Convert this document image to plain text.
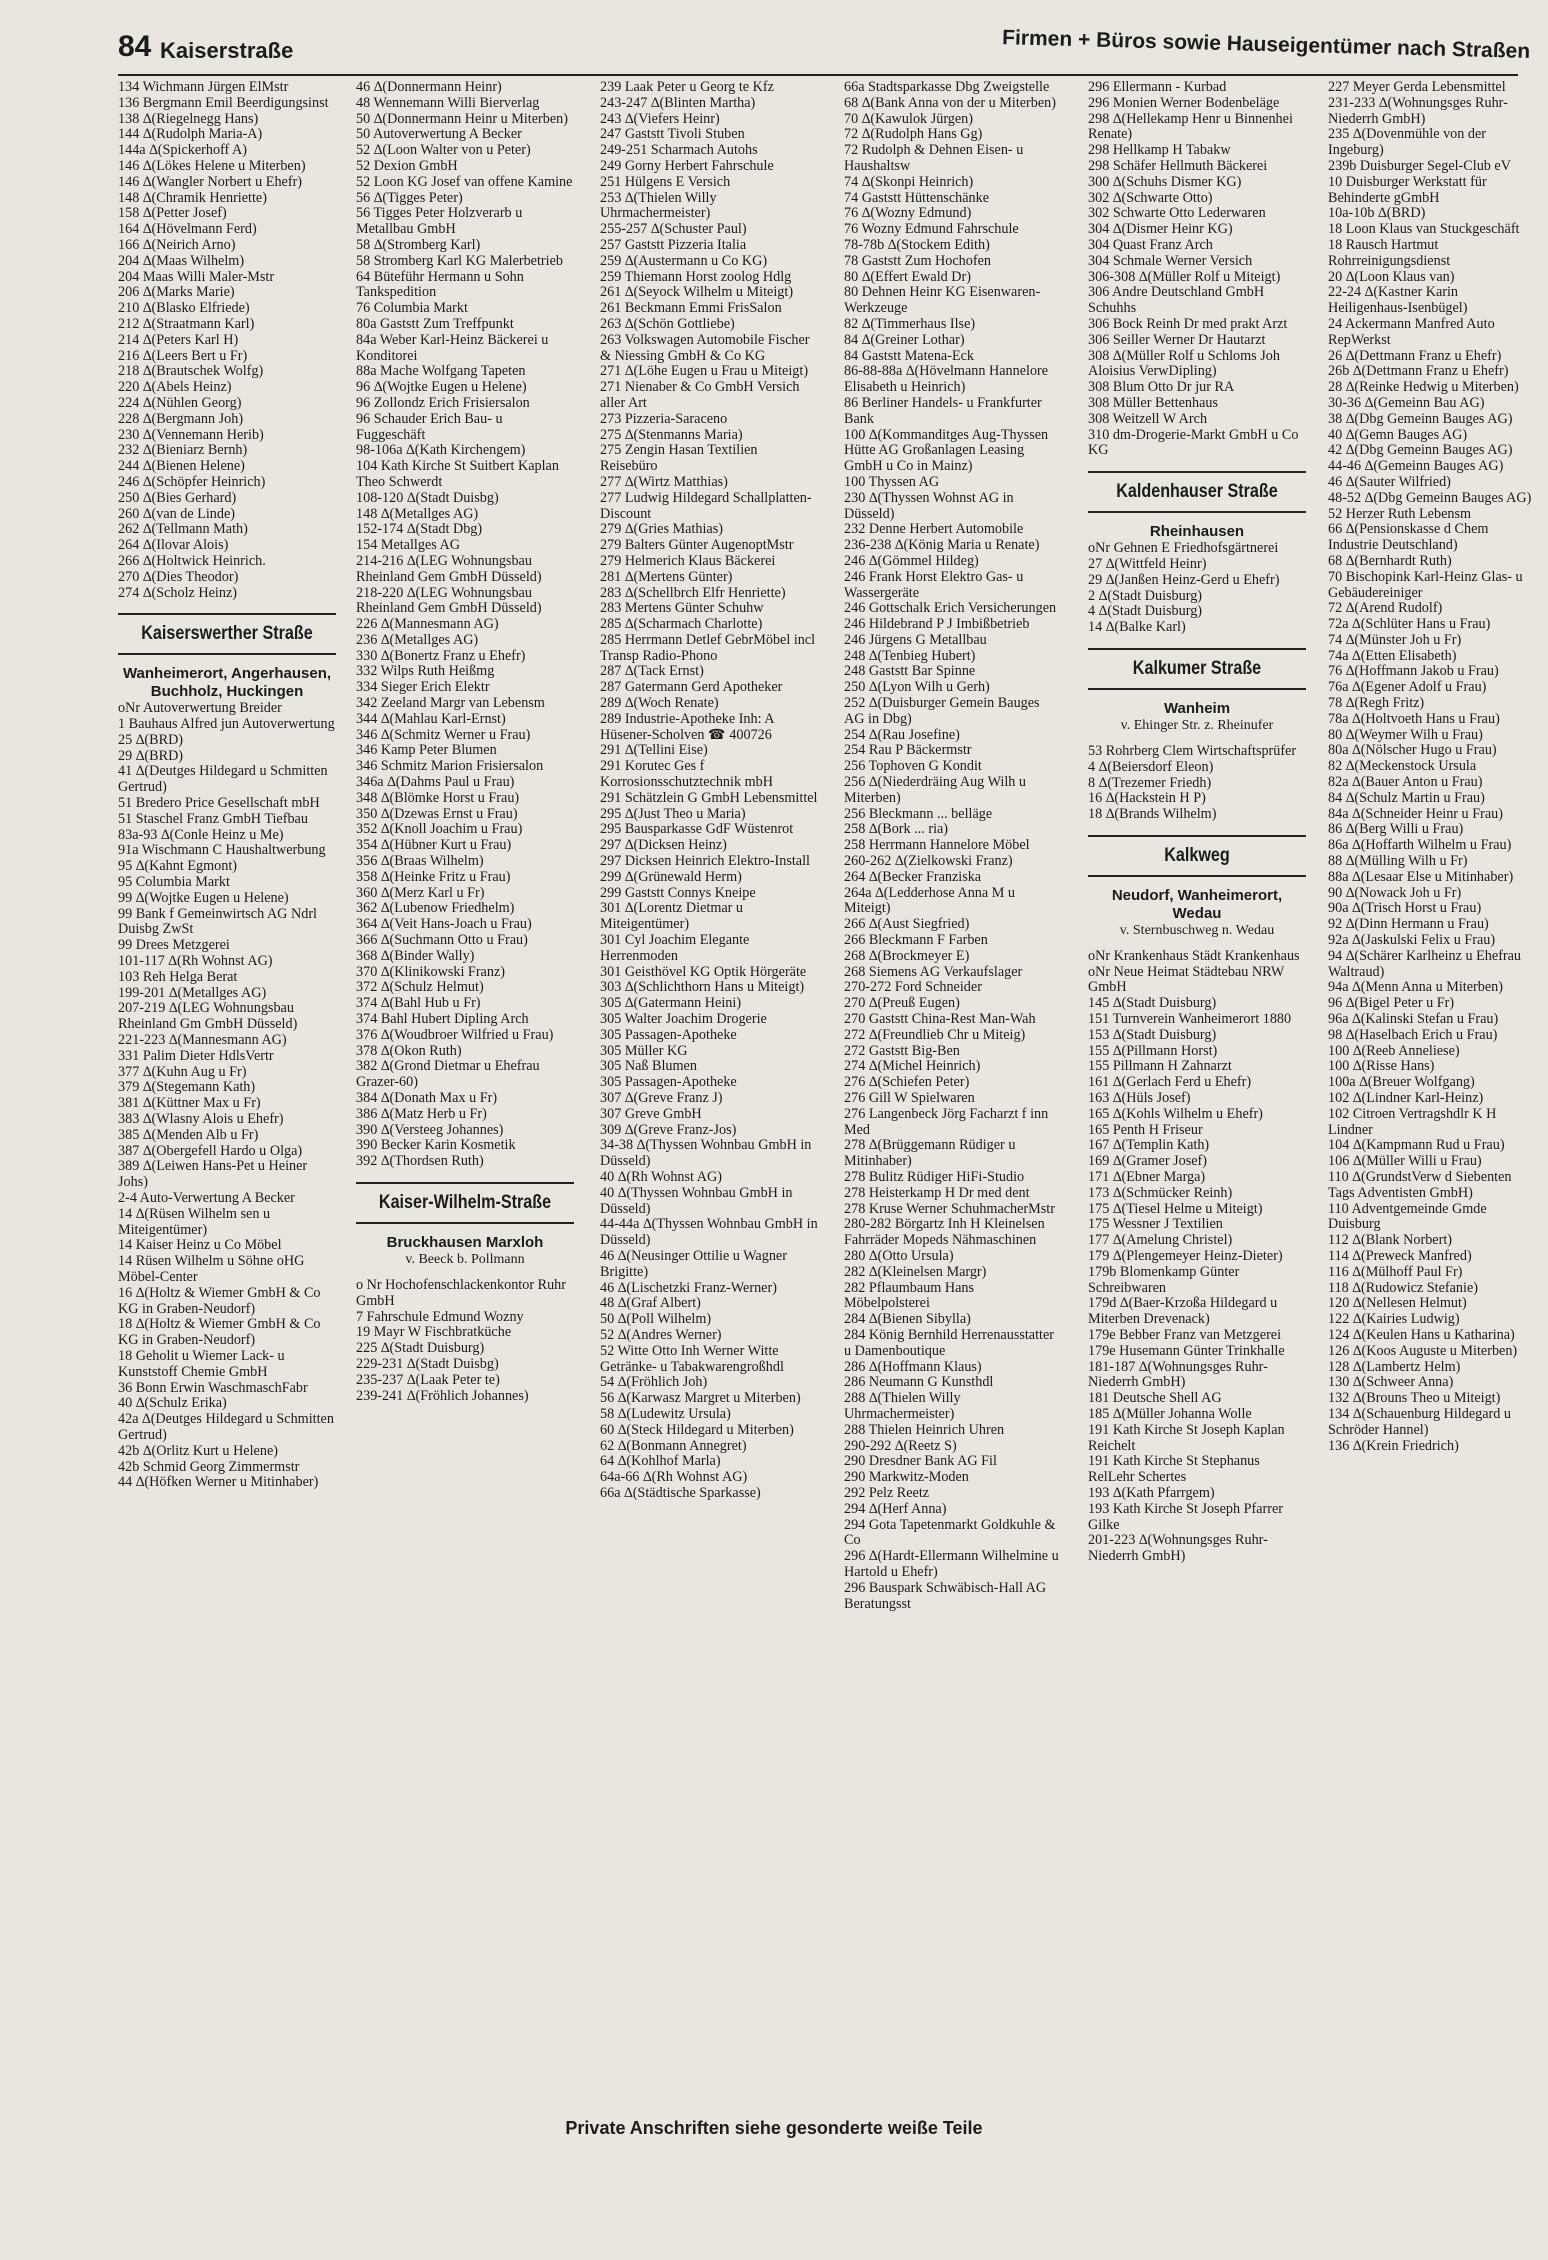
84 Kaiserstraße	Firmen + Büros sowie Hauseigentümer nach Straßen
134 Wichmann Jürgen ElMstr
136 Bergmann Emil Beerdigungsinst
138 ∆(Riegelnegg Hans)
144 ∆(Rudolph Maria-A)
144a ∆(Spickerhoff A)
146 ∆(Lökes Helene u Miterben)
146 ∆(Wangler Norbert u Ehefr)
148 ∆(Chramik Henriette)
158 ∆(Petter Josef)
164 ∆(Hövelmann Ferd)
166 ∆(Neirich Arno)
204 ∆(Maas Wilhelm)
204 Maas Willi Maler-Mstr
206 ∆(Marks Marie)
210 ∆(Blasko Elfriede)
212 ∆(Straatmann Karl)
214 ∆(Peters Karl H)
216 ∆(Leers Bert u Fr)
218 ∆(Brautschek Wolfg)
220 ∆(Abels Heinz)
224 ∆(Nühlen Georg)
228 ∆(Bergmann Joh)
230 ∆(Vennemann Herib)
232 ∆(Bieniarz Bernh)
244 ∆(Bienen Helene)
246 ∆(Schöpfer Heinrich)
250 ∆(Bies Gerhard)
260 ∆(van de Linde)
262 ∆(Tellmann Math)
264 ∆(Ilovar Alois)
266 ∆(Holtwick Heinrich.
270 ∆(Dies Theodor)
274 ∆(Scholz Heinz)
Kaiserswerther Straße
Wanheimerort, Angerhausen, Buchholz, Huckingen
oNr Autoverwertung Breider
1 Bauhaus Alfred jun Autoverwertung
25 ∆(BRD)
29 ∆(BRD)
41 ∆(Deutges Hildegard u Schmitten Gertrud)
51 Bredero Price Gesellschaft mbH
51 Staschel Franz GmbH Tiefbau
83a-93 ∆(Conle Heinz u Me)
91a Wischmann C Haushaltwerbung
95 ∆(Kahnt Egmont)
95 Columbia Markt
99 ∆(Wojtke Eugen u Helene)
99 Bank f Gemeinwirtsch AG Ndrl Duisbg ZwSt
99 Drees Metzgerei
101-117 ∆(Rh Wohnst AG)
103 Reh Helga Berat
199-201 ∆(Metallges AG)
207-219 ∆(LEG Wohnungsbau Rheinland Gm GmbH Düsseld)
221-223 ∆(Mannesmann AG)
331 Palim Dieter HdlsVertr
377 ∆(Kuhn Aug u Fr)
379 ∆(Stegemann Kath)
381 ∆(Küttner Max u Fr)
383 ∆(Wlasny Alois u Ehefr)
385 ∆(Menden Alb u Fr)
387 ∆(Obergefell Hardo u Olga)
389 ∆(Leiwen Hans-Pet u Heiner Johs)
2-4 Auto-Verwertung A Becker
14 ∆(Rüsen Wilhelm sen u Miteigentümer)
14 Kaiser Heinz u Co Möbel
14 Rüsen Wilhelm u Söhne oHG Möbel-Center
16 ∆(Holtz & Wiemer GmbH & Co KG in Graben-Neudorf)
18 ∆(Holtz & Wiemer GmbH & Co KG in Graben-Neudorf)
18 Geholit u Wiemer Lack- u Kunststoff Chemie GmbH
36 Bonn Erwin WaschmaschFabr
40 ∆(Schulz Erika)
42a ∆(Deutges Hildegard u Schmitten Gertrud)
42b ∆(Orlitz Kurt u Helene)
42b Schmid Georg Zimmermstr
44 ∆(Höfken Werner u Mitinhaber)
46 ∆(Donnermann Heinr)
48 Wennemann Willi Bierverlag
50 ∆(Donnermann Heinr u Miterben)
50 Autoverwertung A Becker
52 ∆(Loon Walter von u Peter)
52 Dexion GmbH
52 Loon KG Josef van offene Kamine
56 ∆(Tigges Peter)
56 Tigges Peter Holzverarb u Metallbau GmbH
58 ∆(Stromberg Karl)
58 Stromberg Karl KG Malerbetrieb
64 Büteführ Hermann u Sohn Tankspedition
76 Columbia Markt
80a Gaststt Zum Treffpunkt
84a Weber Karl-Heinz Bäckerei u Konditorei
88a Mache Wolfgang Tapeten
96 ∆(Wojtke Eugen u Helene)
96 Zollondz Erich Frisiersalon
96 Schauder Erich Bau- u Fuggeschäft
98-106a ∆(Kath Kirchengem)
104 Kath Kirche St Suitbert Kaplan Theo Schwerdt
108-120 ∆(Stadt Duisbg)
148 ∆(Metallges AG)
152-174 ∆(Stadt Dbg)
154 Metallges AG
214-216 ∆(LEG Wohnungsbau Rheinland Gem GmbH Düsseld)
218-220 ∆(LEG Wohnungsbau Rheinland Gem GmbH Düsseld)
226 ∆(Mannesmann AG)
236 ∆(Metallges AG)
330 ∆(Bonertz Franz u Ehefr)
332 Wilps Ruth Heißmg
334 Sieger Erich Elektr
342 Zeeland Margr van Lebensm
344 ∆(Mahlau Karl-Ernst)
346 ∆(Schmitz Werner u Frau)
346 Kamp Peter Blumen
346 Schmitz Marion Frisiersalon
346a ∆(Dahms Paul u Frau)
348 ∆(Blömke Horst u Frau)
350 ∆(Dzewas Ernst u Frau)
352 ∆(Knoll Joachim u Frau)
354 ∆(Hübner Kurt u Frau)
356 ∆(Braas Wilhelm)
358 ∆(Heinke Fritz u Frau)
360 ∆(Merz Karl u Fr)
362 ∆(Lubenow Friedhelm)
364 ∆(Veit Hans-Joach u Frau)
366 ∆(Suchmann Otto u Frau)
368 ∆(Binder Wally)
370 ∆(Klinikowski Franz)
372 ∆(Schulz Helmut)
374 ∆(Bahl Hub u Fr)
374 Bahl Hubert Dipling Arch
376 ∆(Woudbroer Wilfried u Frau)
378 ∆(Okon Ruth)
382 ∆(Grond Dietmar u Ehefrau Grazer-60)
384 ∆(Donath Max u Fr)
386 ∆(Matz Herb u Fr)
390 ∆(Versteeg Johannes)
390 Becker Karin Kosmetik
392 ∆(Thordsen Ruth)
Kaiser-Wilhelm-Straße
Bruckhausen Marxloh
v. Beeck b. Pollmann
o Nr Hochofenschlackenkontor Ruhr GmbH
7 Fahrschule Edmund Wozny
19 Mayr W Fischbratküche
225 ∆(Stadt Duisburg)
229-231 ∆(Stadt Duisbg)
235-237 ∆(Laak Peter te)
239-241 ∆(Fröhlich Johannes)
239 Laak Peter u Georg te Kfz
243-247 ∆(Blinten Martha)
243 ∆(Viefers Heinr)
247 Gaststt Tivoli Stuben
249-251 Scharmach Autohs
249 Gorny Herbert Fahrschule
251 Hülgens E Versich
253 ∆(Thielen Willy Uhrmachermeister)
255-257 ∆(Schuster Paul)
257 Gaststt Pizzeria Italia
259 ∆(Austermann u Co KG)
259 Thiemann Horst zoolog Hdlg
261 ∆(Seyock Wilhelm u Miteigt)
261 Beckmann Emmi FrisSalon
263 ∆(Schön Gottliebe)
263 Volkswagen Automobile Fischer & Niessing GmbH & Co KG
271 ∆(Löhe Eugen u Frau u Miteigt)
271 Nienaber & Co GmbH Versich aller Art
273 Pizzeria-Saraceno
275 ∆(Stenmanns Maria)
275 Zengin Hasan Textilien Reisebüro
277 ∆(Wirtz Matthias)
277 Ludwig Hildegard Schallplatten-Discount
279 ∆(Gries Mathias)
279 Balters Günter AugenoptMstr
279 Helmerich Klaus Bäckerei
281 ∆(Mertens Günter)
283 ∆(Schellbrch Elfr Henriette)
283 Mertens Günter Schuhw
285 ∆(Scharmach Charlotte)
285 Herrmann Detlef GebrMöbel incl Transp Radio-Phono
287 ∆(Tack Ernst)
287 Gatermann Gerd Apotheker
289 ∆(Woch Renate)
289 Industrie-Apotheke Inh: A Hüsener-Scholven ☎ 400726
291 ∆(Tellini Eise)
291 Korutec Ges f Korrosionsschutztechnik mbH
291 Schätzlein G GmbH Lebensmittel
295 ∆(Just Theo u Maria)
295 Bausparkasse GdF Wüstenrot
297 ∆(Dicksen Heinz)
297 Dicksen Heinrich Elektro-Install
299 ∆(Grünewald Herm)
299 Gaststt Connys Kneipe
301 ∆(Lorentz Dietmar u Miteigentümer)
301 Cyl Joachim Elegante Herrenmoden
301 Geisthövel KG Optik Hörgeräte
303 ∆(Schlichthorn Hans u Miteigt)
305 ∆(Gatermann Heini)
305 Walter Joachim Drogerie
305 Passagen-Apotheke
305 Müller KG
305 Naß Blumen
305 Passagen-Apotheke
307 ∆(Greve Franz J)
307 Greve GmbH
309 ∆(Greve Franz-Jos)
34-38 ∆(Thyssen Wohnbau GmbH in Düsseld)
40 ∆(Rh Wohnst AG)
40 ∆(Thyssen Wohnbau GmbH in Düsseld)
44-44a ∆(Thyssen Wohnbau GmbH in Düsseld)
46 ∆(Neusinger Ottilie u Wagner Brigitte)
46 ∆(Lischetzki Franz-Werner)
48 ∆(Graf Albert)
50 ∆(Poll Wilhelm)
52 ∆(Andres Werner)
52 Witte Otto Inh Werner Witte Getränke- u Tabakwarengroßhdl
54 ∆(Fröhlich Joh)
56 ∆(Karwasz Margret u Miterben)
58 ∆(Ludewitz Ursula)
60 ∆(Steck Hildegard u Miterben)
62 ∆(Bonmann Annegret)
64 ∆(Kohlhof Marla)
64a-66 ∆(Rh Wohnst AG)
66a ∆(Städtische Sparkasse)
66a Stadtsparkasse Dbg Zweigstelle
68 ∆(Bank Anna von der u Miterben)
70 ∆(Kawulok Jürgen)
72 ∆(Rudolph Hans Gg)
72 Rudolph & Dehnen Eisen- u Haushaltsw
74 ∆(Skonpi Heinrich)
74 Gaststt Hüttenschänke
76 ∆(Wozny Edmund)
76 Wozny Edmund Fahrschule
78-78b ∆(Stockem Edith)
78 Gaststt Zum Hochofen
80 ∆(Effert Ewald Dr)
80 Dehnen Heinr KG Eisenwaren-Werkzeuge
82 ∆(Timmerhaus Ilse)
84 ∆(Greiner Lothar)
84 Gaststt Matena-Eck
86-88-88a ∆(Hövelmann Hannelore Elisabeth u Heinrich)
86 Berliner Handels- u Frankfurter Bank
100 ∆(Kommanditges Aug-Thyssen Hütte AG Großanlagen Leasing GmbH u Co in Mainz)
100 Thyssen AG
230 ∆(Thyssen Wohnst AG in Düsseld)
232 Denne Herbert Automobile
236-238 ∆(König Maria u Renate)
246 ∆(Gömmel Hildeg)
246 Frank Horst Elektro Gas- u Wassergeräte
246 Gottschalk Erich Versicherungen
246 Hildebrand P J Imbißbetrieb
246 Jürgens G Metallbau
248 ∆(Tenbieg Hubert)
248 Gaststt Bar Spinne
250 ∆(Lyon Wilh u Gerh)
252 ∆(Duisburger Gemein Bauges AG in Dbg)
254 ∆(Rau Josefine)
254 Rau P Bäckermstr
256 Tophoven G Kondit
256 ∆(Niederdräing Aug Wilh u Miterben)
256 Bleckmann ... belläge
258 ∆(Bork ... ria)
258 Herrmann Hannelore Möbel
260-262 ∆(Zielkowski Franz)
264 ∆(Becker Franziska
264a ∆(Ledderhose Anna M u Miteigt)
266 ∆(Aust Siegfried)
266 Bleckmann F Farben
268 ∆(Brockmeyer E)
268 Siemens AG Verkaufslager
270-272 Ford Schneider
270 ∆(Preuß Eugen)
270 Gaststt China-Rest Man-Wah
272 ∆(Freundlieb Chr u Miteig)
272 Gaststt Big-Ben
274 ∆(Michel Heinrich)
276 ∆(Schiefen Peter)
276 Gill W Spielwaren
276 Langenbeck Jörg Facharzt f inn Med
278 ∆(Brüggemann Rüdiger u Mitinhaber)
278 Bulitz Rüdiger HiFi-Studio
278 Heisterkamp H Dr med dent
278 Kruse Werner SchuhmacherMstr
280-282 Börgartz Inh H Kleinelsen Fahrräder Mopeds Nähmaschinen
280 ∆(Otto Ursula)
282 ∆(Kleinelsen Margr)
282 Pflaumbaum Hans Möbelpolsterei
284 ∆(Bienen Sibylla)
284 König Bernhild Herrenausstatter u Damenboutique
286 ∆(Hoffmann Klaus)
286 Neumann G Kunsthdl
288 ∆(Thielen Willy Uhrmachermeister)
288 Thielen Heinrich Uhren
290-292 ∆(Reetz S)
290 Dresdner Bank AG Fil
290 Markwitz-Moden
292 Pelz Reetz
294 ∆(Herf Anna)
294 Gota Tapetenmarkt Goldkuhle & Co
296 ∆(Hardt-Ellermann Wilhelmine u Hartold u Ehefr)
296 Bauspark Schwäbisch-Hall AG Beratungsst
296 Ellermann - Kurbad
296 Monien Werner Bodenbeläge
298 ∆(Hellekamp Henr u Binnenhei Renate)
298 Hellkamp H Tabakw
298 Schäfer Hellmuth Bäckerei
300 ∆(Schuhs Dismer KG)
302 ∆(Schwarte Otto)
302 Schwarte Otto Lederwaren
304 ∆(Dismer Heinr KG)
304 Quast Franz Arch
304 Schmale Werner Versich
306-308 ∆(Müller Rolf u Miteigt)
306 Andre Deutschland GmbH Schuhhs
306 Bock Reinh Dr med prakt Arzt
306 Seiller Werner Dr Hautarzt
308 ∆(Müller Rolf u Schloms Joh Aloisius VerwDipling)
308 Blum Otto Dr jur RA
308 Müller Bettenhaus
308 Weitzell W Arch
310 dm-Drogerie-Markt GmbH u Co KG
Kaldenhauser Straße
Rheinhausen
oNr Gehnen E Friedhofsgärtnerei
27 ∆(Wittfeld Heinr)
29 ∆(Janßen Heinz-Gerd u Ehefr)
2 ∆(Stadt Duisburg)
4 ∆(Stadt Duisburg)
14 ∆(Balke Karl)
Kalkumer Straße
Wanheim
v. Ehinger Str. z. Rheinufer
53 Rohrberg Clem Wirtschaftsprüfer
4 ∆(Beiersdorf Eleon)
8 ∆(Trezemer Friedh)
16 ∆(Hackstein H P)
18 ∆(Brands Wilhelm)
Kalkweg
Neudorf, Wanheimerort, Wedau
v. Sternbuschweg n. Wedau
oNr Krankenhaus Städt Krankenhaus
oNr Neue Heimat Städtebau NRW GmbH
145 ∆(Stadt Duisburg)
151 Turnverein Wanheimerort 1880
153 ∆(Stadt Duisburg)
155 ∆(Pillmann Horst)
155 Pillmann H Zahnarzt
161 ∆(Gerlach Ferd u Ehefr)
163 ∆(Hüls Josef)
165 ∆(Kohls Wilhelm u Ehefr)
165 Penth H Friseur
167 ∆(Templin Kath)
169 ∆(Gramer Josef)
171 ∆(Ebner Marga)
173 ∆(Schmücker Reinh)
175 ∆(Tiesel Helme u Miteigt)
175 Wessner J Textilien
177 ∆(Amelung Christel)
179 ∆(Plengemeyer Heinz-Dieter)
179b Blomenkamp Günter Schreibwaren
179d ∆(Baer-Krzoßa Hildegard u Miterben Drevenack)
179e Bebber Franz van Metzgerei
179e Husemann Günter Trinkhalle
181-187 ∆(Wohnungsges Ruhr-Niederrh GmbH)
181 Deutsche Shell AG
185 ∆(Müller Johanna Wolle
191 Kath Kirche St Joseph Kaplan Reichelt
191 Kath Kirche St Stephanus RelLehr Schertes
193 ∆(Kath Pfarrgem)
193 Kath Kirche St Joseph Pfarrer Gilke
201-223 ∆(Wohnungsges Ruhr-Niederrh GmbH)
227 Meyer Gerda Lebensmittel
231-233 ∆(Wohnungsges Ruhr-Niederrh GmbH)
235 ∆(Dovenmühle von der Ingeburg)
239b Duisburger Segel-Club eV
10 Duisburger Werkstatt für Behinderte gGmbH
10a-10b ∆(BRD)
18 Loon Klaus van Stuckgeschäft
18 Rausch Hartmut Rohrreinigungsdienst
20 ∆(Loon Klaus van)
22-24 ∆(Kastner Karin Heiligenhaus-Isenbügel)
24 Ackermann Manfred Auto RepWerkst
26 ∆(Dettmann Franz u Ehefr)
26b ∆(Dettmann Franz u Ehefr)
28 ∆(Reinke Hedwig u Miterben)
30-36 ∆(Gemeinn Bau AG)
38 ∆(Dbg Gemeinn Bauges AG)
40 ∆(Gemn Bauges AG)
42 ∆(Dbg Gemeinn Bauges AG)
44-46 ∆(Gemeinn Bauges AG)
46 ∆(Sauter Wilfried)
48-52 ∆(Dbg Gemeinn Bauges AG)
52 Herzer Ruth Lebensm
66 ∆(Pensionskasse d Chem Industrie Deutschland)
68 ∆(Bernhardt Ruth)
70 Bischopink Karl-Heinz Glas- u Gebäudereiniger
72 ∆(Arend Rudolf)
72a ∆(Schlüter Hans u Frau)
74 ∆(Münster Joh u Fr)
74a ∆(Etten Elisabeth)
76 ∆(Hoffmann Jakob u Frau)
76a ∆(Egener Adolf u Frau)
78 ∆(Regh Fritz)
78a ∆(Holtvoeth Hans u Frau)
80 ∆(Weymer Wilh u Frau)
80a ∆(Nölscher Hugo u Frau)
82 ∆(Meckenstock Ursula
82a ∆(Bauer Anton u Frau)
84 ∆(Schulz Martin u Frau)
84a ∆(Schneider Heinr u Frau)
86 ∆(Berg Willi u Frau)
86a ∆(Hoffarth Wilhelm u Frau)
88 ∆(Mülling Wilh u Fr)
88a ∆(Lesaar Else u Mitinhaber)
90 ∆(Nowack Joh u Fr)
90a ∆(Trisch Horst u Frau)
92 ∆(Dinn Hermann u Frau)
92a ∆(Jaskulski Felix u Frau)
94 ∆(Schärer Karlheinz u Ehefrau Waltraud)
94a ∆(Menn Anna u Miterben)
96 ∆(Bigel Peter u Fr)
96a ∆(Kalinski Stefan u Frau)
98 ∆(Haselbach Erich u Frau)
100 ∆(Reeb Anneliese)
100 ∆(Risse Hans)
100a ∆(Breuer Wolfgang)
102 ∆(Lindner Karl-Heinz)
102 Citroen Vertragshdlr K H Lindner
104 ∆(Kampmann Rud u Frau)
106 ∆(Müller Willi u Frau)
110 ∆(GrundstVerw d Siebenten Tags Adventisten GmbH)
110 Adventgemeinde Gmde Duisburg
112 ∆(Blank Norbert)
114 ∆(Preweck Manfred)
116 ∆(Mülhoff Paul Fr)
118 ∆(Rudowicz Stefanie)
120 ∆(Nellesen Helmut)
122 ∆(Kairies Ludwig)
124 ∆(Keulen Hans u Katharina)
126 ∆(Koos Auguste u Miterben)
128 ∆(Lambertz Helm)
130 ∆(Schweer Anna)
132 ∆(Brouns Theo u Miteigt)
134 ∆(Schauenburg Hildegard u Schröder Hannel)
136 ∆(Krein Friedrich)
Private Anschriften siehe gesonderte weiße Teile
